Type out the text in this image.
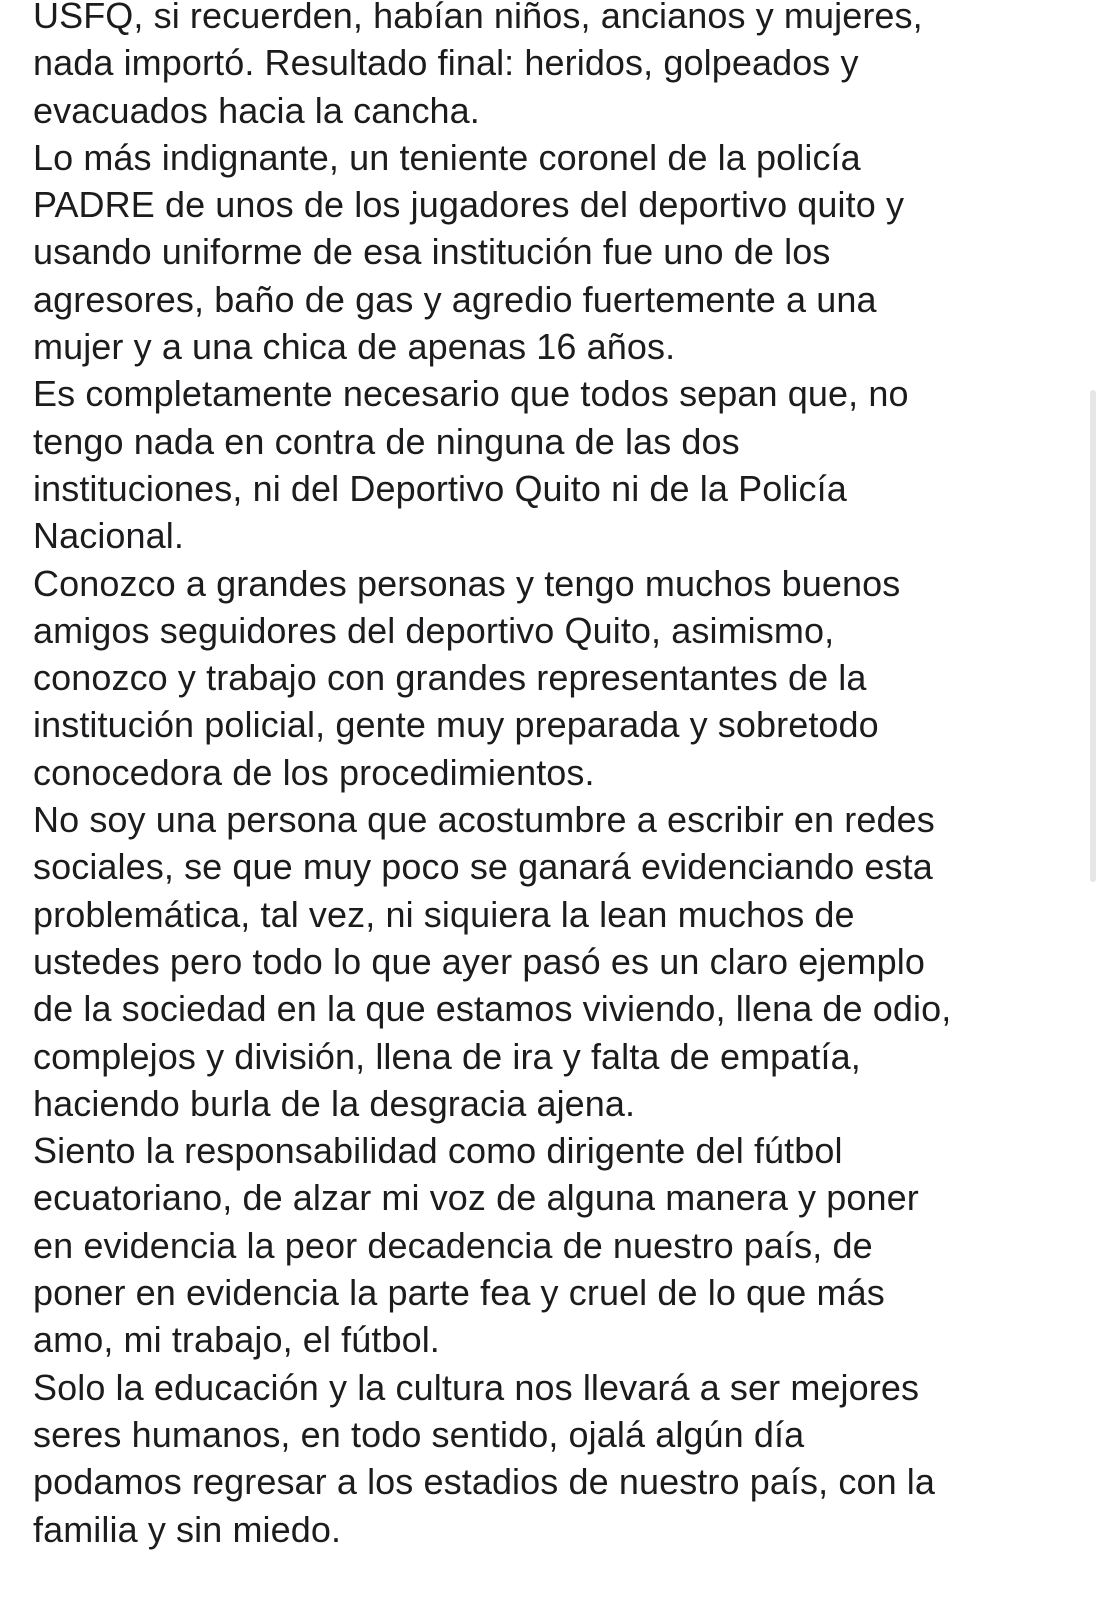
USFQ, si recuerden, habían niños, ancianos y mujeres,
nada importó. Resultado final: heridos, golpeados y
evacuados hacia la cancha.
Lo más indignante, un teniente coronel de la policía
PADRE de unos de los jugadores del deportivo quito y
usando uniforme de esa institución fue uno de los
agresores, baño de gas y agredio fuertemente a una
mujer y a una chica de apenas 16 años.
Es completamente necesario que todos sepan que, no
tengo nada en contra de ninguna de las dos
instituciones, ni del Deportivo Quito ni de la Policía
Nacional.
Conozco a grandes personas y tengo muchos buenos
amigos seguidores del deportivo Quito, asimismo,
conozco y trabajo con grandes representantes de la
institución policial, gente muy preparada y sobretodo
conocedora de los procedimientos.
No soy una persona que acostumbre a escribir en redes
sociales, se que muy poco se ganará evidenciando esta
problemática, tal vez, ni siquiera la lean muchos de
ustedes pero todo lo que ayer pasó es un claro ejemplo
de la sociedad en la que estamos viviendo, llena de odio,
complejos y división, llena de ira y falta de empatía,
haciendo burla de la desgracia ajena.
Siento la responsabilidad como dirigente del fútbol
ecuatoriano, de alzar mi voz de alguna manera y poner
en evidencia la peor decadencia de nuestro país, de
poner en evidencia la parte fea y cruel de lo que más
amo, mi trabajo, el fútbol.
Solo la educación y la cultura nos llevará a ser mejores
seres humanos, en todo sentido, ojalá algún día
podamos regresar a los estadios de nuestro país, con la
familia y sin miedo.
